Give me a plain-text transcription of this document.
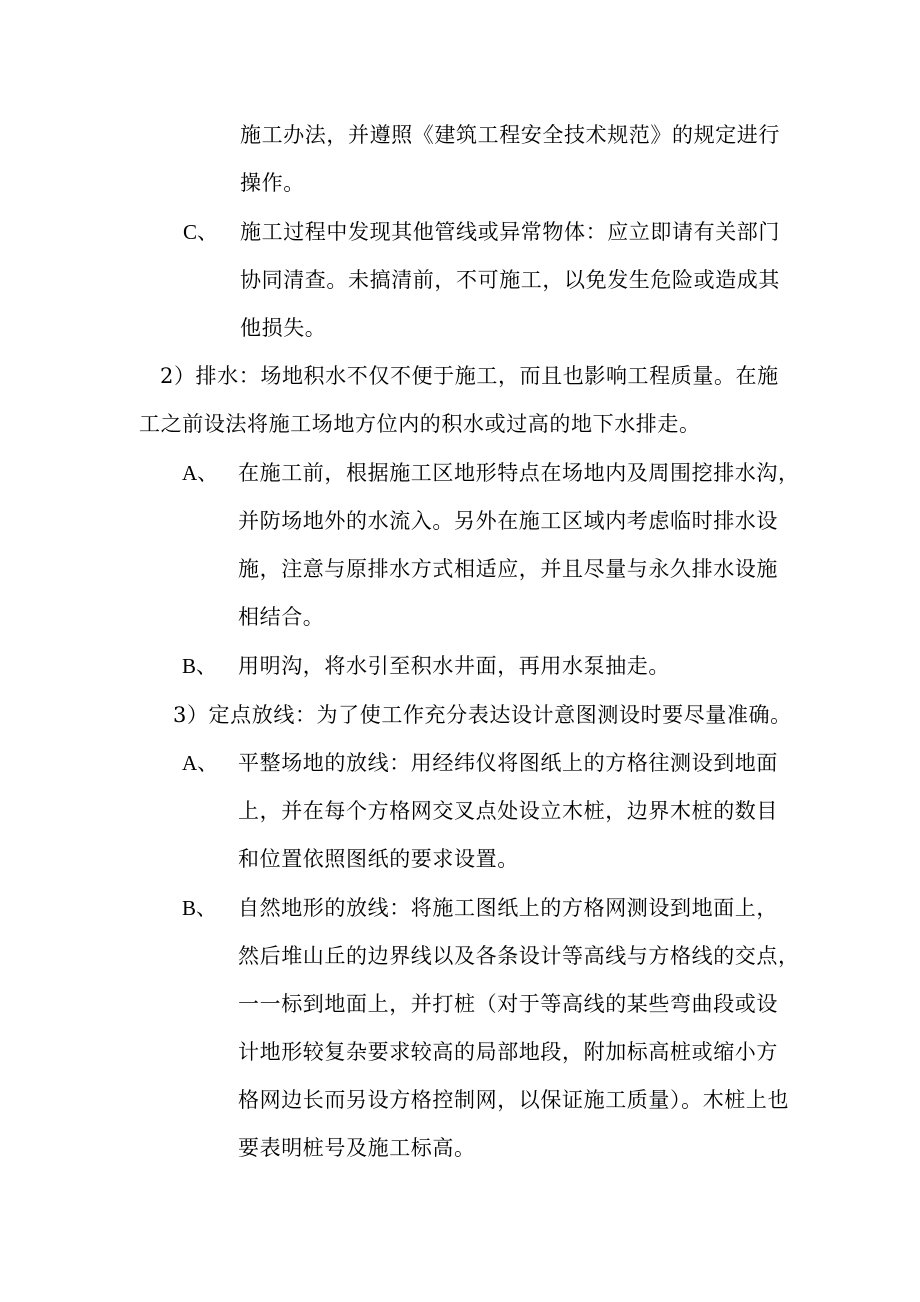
施工办法，并遵照《建筑工程安全技术规范》的规定进行
操作。
C、 施工过程中发现其他管线或异常物体：应立即请有关部门
协同清查。未搞清前，不可施工，以免发生危险或造成其
他损失。
2）排水：场地积水不仅不便于施工，而且也影响工程质量。在施
工之前设法将施工场地方位内的积水或过高的地下水排走。
A、 在施工前，根据施工区地形特点在场地内及周围挖排水沟，
并防场地外的水流入。另外在施工区域内考虑临时排水设
施，注意与原排水方式相适应，并且尽量与永久排水设施
相结合。
B、 用明沟，将水引至积水井面，再用水泵抽走。
3）定点放线：为了使工作充分表达设计意图测设时要尽量准确。
A、 平整场地的放线：用经纬仪将图纸上的方格往测设到地面
上，并在每个方格网交叉点处设立木桩，边界木桩的数目
和位置依照图纸的要求设置。
B、 自然地形的放线：将施工图纸上的方格网测设到地面上，
然后堆山丘的边界线以及各条设计等高线与方格线的交点，
一一标到地面上，并打桩（对于等高线的某些弯曲段或设
计地形较复杂要求较高的局部地段，附加标高桩或缩小方
格网边长而另设方格控制网，以保证施工质量）。木桩上也
要表明桩号及施工标高。
